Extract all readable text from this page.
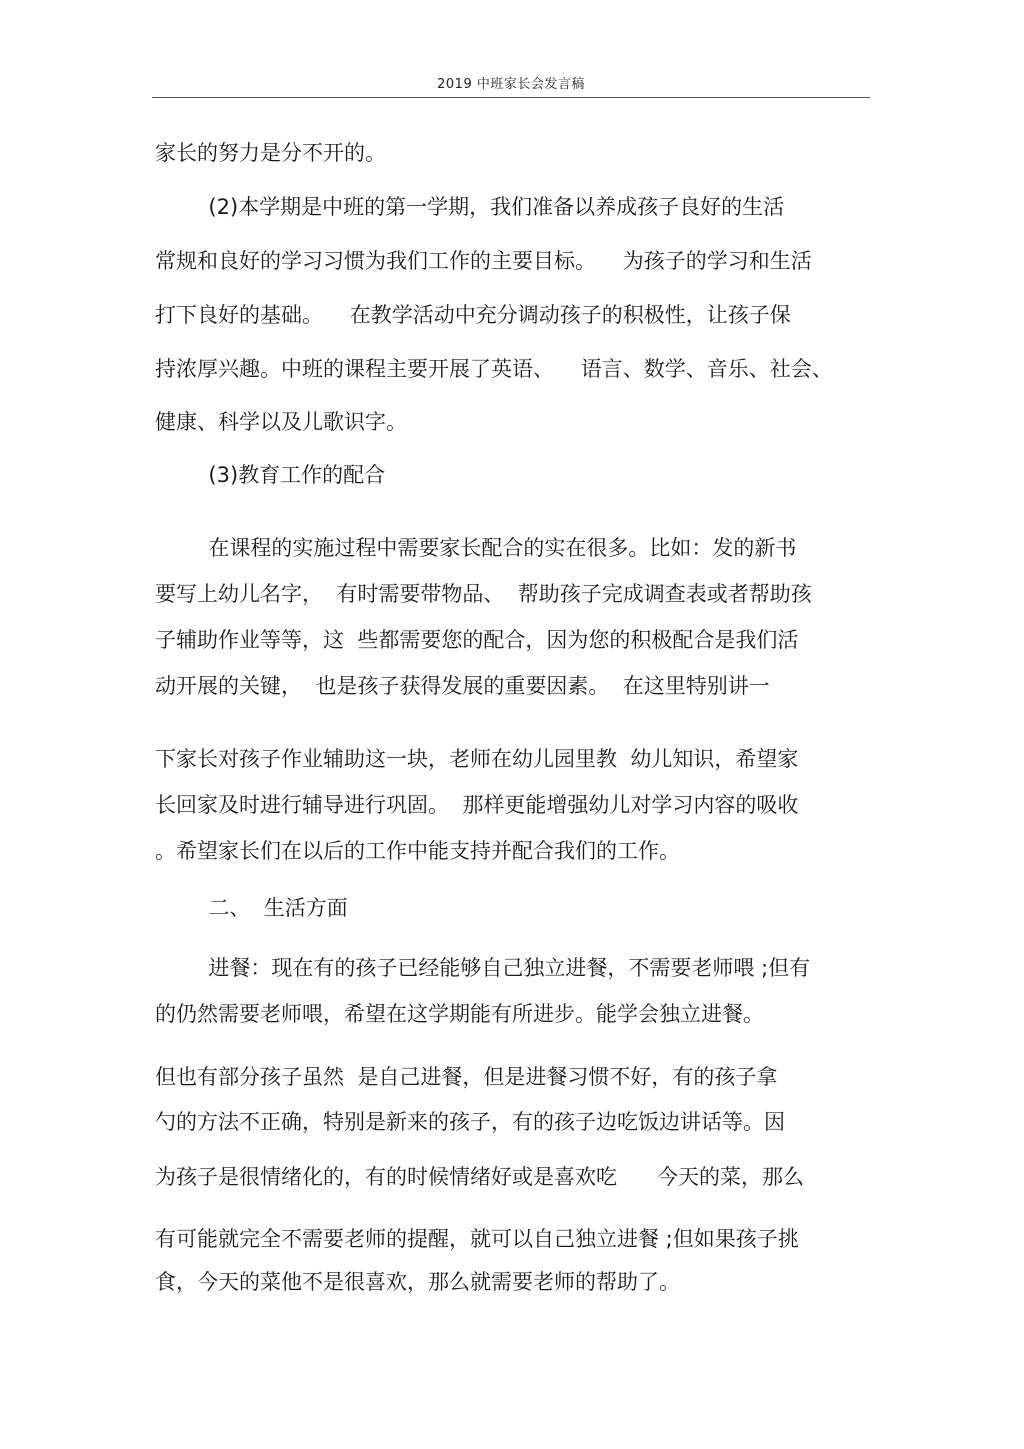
2019 中班家长会发言稿
家长的努力是分不开的。
(2)本学期是中班的第一学期，我们准备以养成孩子良好的生活
常规和良好的学习习惯为我们工作的主要目标。    为孩子的学习和生活
打下良好的基础。    在教学活动中充分调动孩子的积极性，让孩子保
持浓厚兴趣。中班的课程主要开展了英语、    语言、数学、音乐、社会、
健康、科学以及儿歌识字。
(3)教育工作的配合
在课程的实施过程中需要家长配合的实在很多。比如：发的新书
要写上幼儿名字，  有时需要带物品、  帮助孩子完成调查表或者帮助孩
子辅助作业等等，这  些都需要您的配合，因为您的积极配合是我们活
动开展的关键，  也是孩子获得发展的重要因素。  在这里特别讲一
下家长对孩子作业辅助这一块，老师在幼儿园里教  幼儿知识，希望家
长回家及时进行辅导进行巩固。  那样更能增强幼儿对学习内容的吸收
。希望家长们在以后的工作中能支持并配合我们的工作。
二、  生活方面
进餐：现在有的孩子已经能够自己独立进餐，不需要老师喂 ;但有
的仍然需要老师喂，希望在这学期能有所进步。能学会独立进餐。
但也有部分孩子虽然  是自己进餐，但是进餐习惯不好，有的孩子拿
勺的方法不正确，特别是新来的孩子，有的孩子边吃饭边讲话等。因
为孩子是很情绪化的，有的时候情绪好或是喜欢吃      今天的菜，那么
有可能就完全不需要老师的提醒，就可以自己独立进餐 ;但如果孩子挑
食，今天的菜他不是很喜欢，那么就需要老师的帮助了。
